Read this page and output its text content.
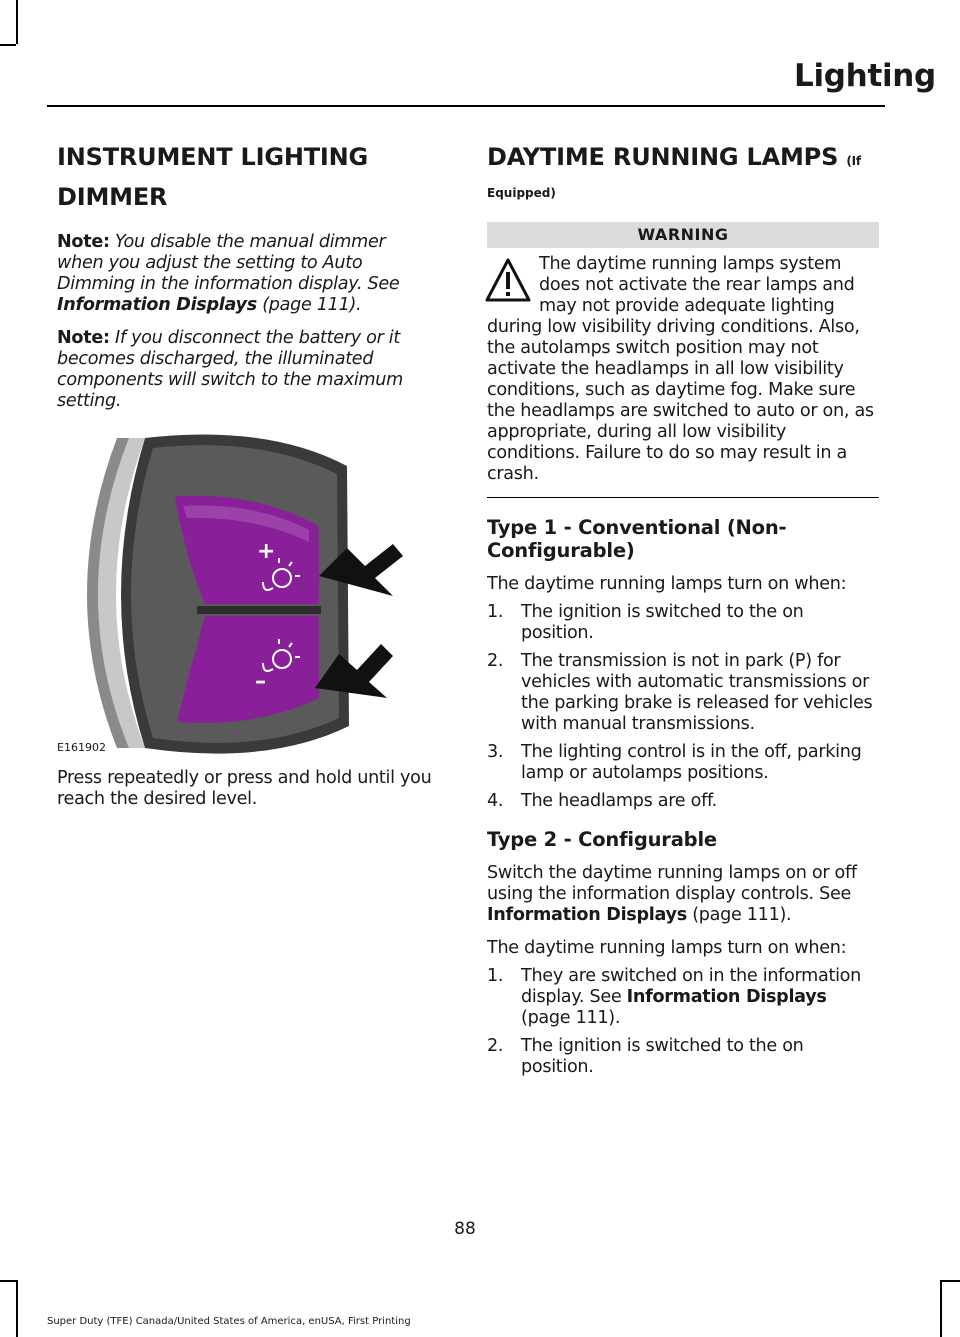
Lighting
INSTRUMENT LIGHTING
DIMMER

Note: You disable the manual dimmer when you adjust the setting to Auto Dimming in the information display. See Information Displays (page 111).

Note: If you disconnect the battery or it becomes discharged, the illuminated components will switch to the maximum setting.

+
–
E161902

Press repeatedly or press and hold until you reach the desired level.

DAYTIME RUNNING LAMPS (If
Equipped)
WARNING

The daytime running lamps system does not activate the rear lamps and may not provide adequate lighting during low visibility driving conditions. Also, the autolamps switch position may not activate the headlamps in all low visibility conditions, such as daytime fog. Make sure the headlamps are switched to auto or on, as appropriate, during all low visibility conditions. Failure to do so may result in a crash.

Type 1 - Conventional (Non-Configurable)

The daytime running lamps turn on when:

1. The ignition is switched to the on position.
2. The transmission is not in park (P) for vehicles with automatic transmissions or the parking brake is released for vehicles with manual transmissions.
3. The lighting control is in the off, parking lamp or autolamps positions.
4. The headlamps are off.
Type 2 - Configurable

Switch the daytime running lamps on or off using the information display controls. See Information Displays (page 111).

The daytime running lamps turn on when:

1. They are switched on in the information display. See Information Displays (page 111).
2. The ignition is switched to the on position.
88
Super Duty (TFE) Canada/United States of America, enUSA, First Printing
